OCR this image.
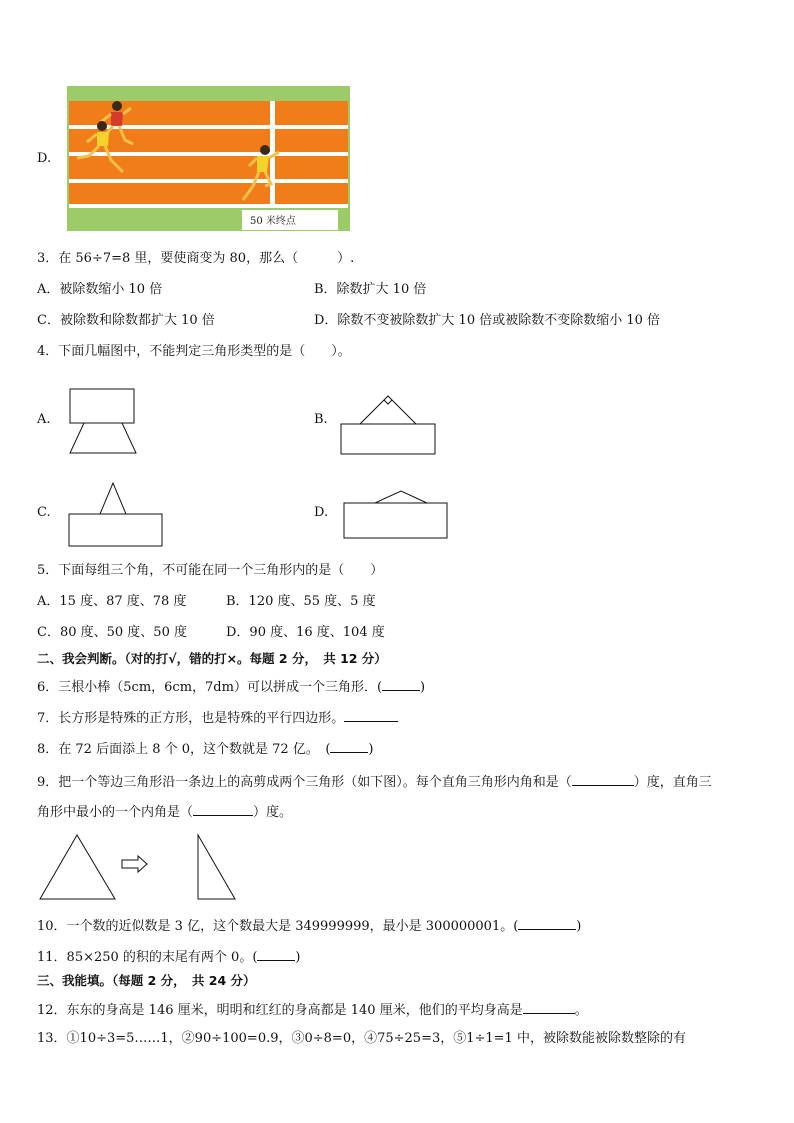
D.
50 米终点
3．在 56÷7=8 里，要使商变为 80，那么（　　　）.
A．被除数缩小 10 倍	B．除数扩大 10 倍
C．被除数和除数都扩大 10 倍	D．除数不变被除数扩大 10 倍或被除数不变除数缩小 10 倍
4．下面几幅图中，不能判定三角形类型的是（　　）。
A.	B.
C.	D.
5．下面每组三个角，不可能在同一个三角形内的是（　　）
A．15 度、87 度、78 度	B．120 度、55 度、5 度
C．80 度、50 度、50 度	D．90 度、16 度、104 度
二、我会判断。（对的打√，错的打×。每题 2 分，　共 12 分）
6．三根小棒（5cm，6cm，7dm）可以拼成一个三角形．(	)
7．长方形是特殊的正方形，也是特殊的平行四边形。
8．在 72 后面添上 8 个 0，这个数就是 72 亿。　(	)
9．把一个等边三角形沿一条边上的高剪成两个三角形（如下图）。每个直角三角形内角和是（	）度，直角三
角形中最小的一个内角是（	）度。
10．一个数的近似数是 3 亿，这个数最大是 349999999，最小是 300000001。(	)
11．85×250 的积的末尾有两个 0。(	)
三、我能填。（每题 2 分，　共 24 分）
12．东东的身高是 146 厘米，明明和红红的身高都是 140 厘米，他们的平均身高是	。
13．①10÷3=5……1，②90÷100=0.9，③0÷8=0，④75÷25=3，⑤1÷1=1 中，被除数能被除数整除的有
